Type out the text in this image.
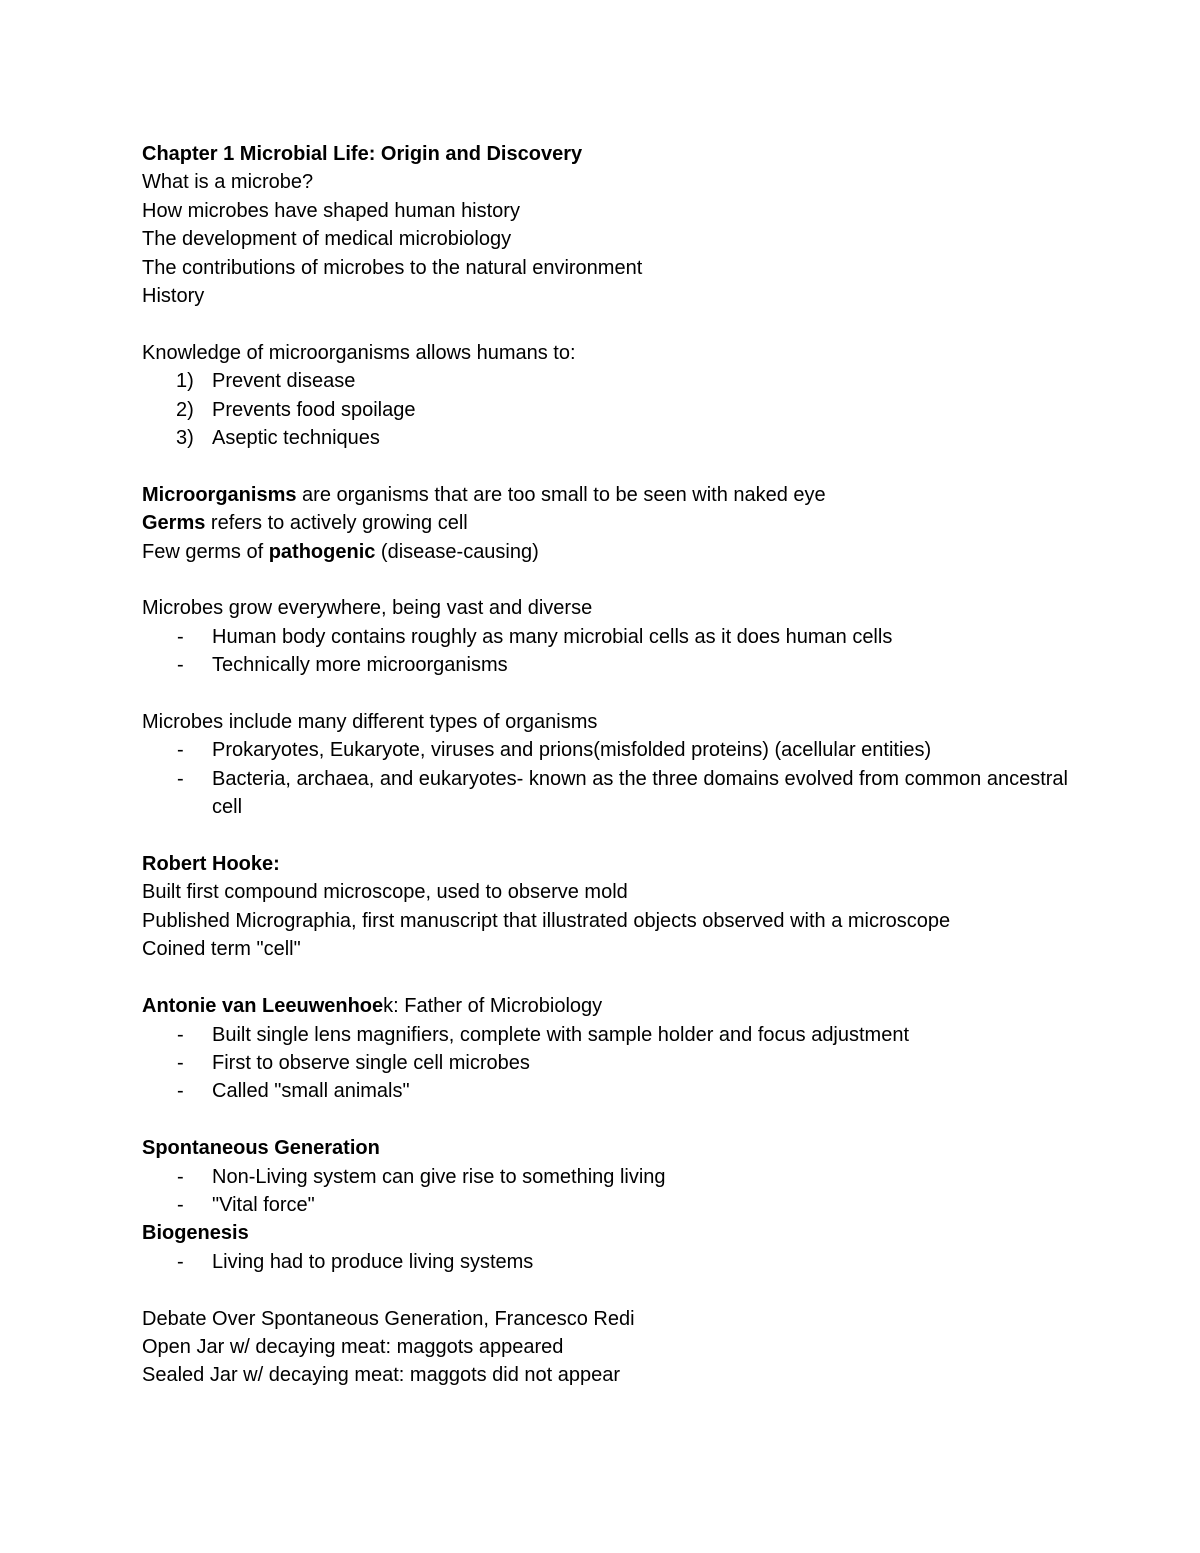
Chapter 1 Microbial Life: Origin and Discovery

What is a microbe?

How microbes have shaped human history

The development of medical microbiology

The contributions of microbes to the natural environment

History

Knowledge of microorganisms allows humans to:

1) Prevent disease
2) Prevents food spoilage
3) Aseptic techniques

Microorganisms are organisms that are too small to be seen with naked eye

Germs refers to actively growing cell

Few germs of pathogenic (disease-causing)

Microbes grow everywhere, being vast and diverse

- Human body contains roughly as many microbial cells as it does human cells
- Technically more microorganisms

Microbes include many different types of organisms

- Prokaryotes, Eukaryote, viruses and prions(misfolded proteins) (acellular entities)
- Bacteria, archaea, and eukaryotes- known as the three domains evolved from common ancestral cell

Robert Hooke:

Built first compound microscope, used to observe mold

Published Micrographia, first manuscript that illustrated objects observed with a microscope

Coined term "cell"

Antonie van Leeuwenhoek: Father of Microbiology

- Built single lens magnifiers, complete with sample holder and focus adjustment
- First to observe single cell microbes
- Called "small animals"

Spontaneous Generation

- Non-Living system can give rise to something living
- "Vital force"

Biogenesis

- Living had to produce living systems

Debate Over Spontaneous Generation, Francesco Redi

Open Jar w/ decaying meat: maggots appeared

Sealed Jar w/ decaying meat: maggots did not appear
